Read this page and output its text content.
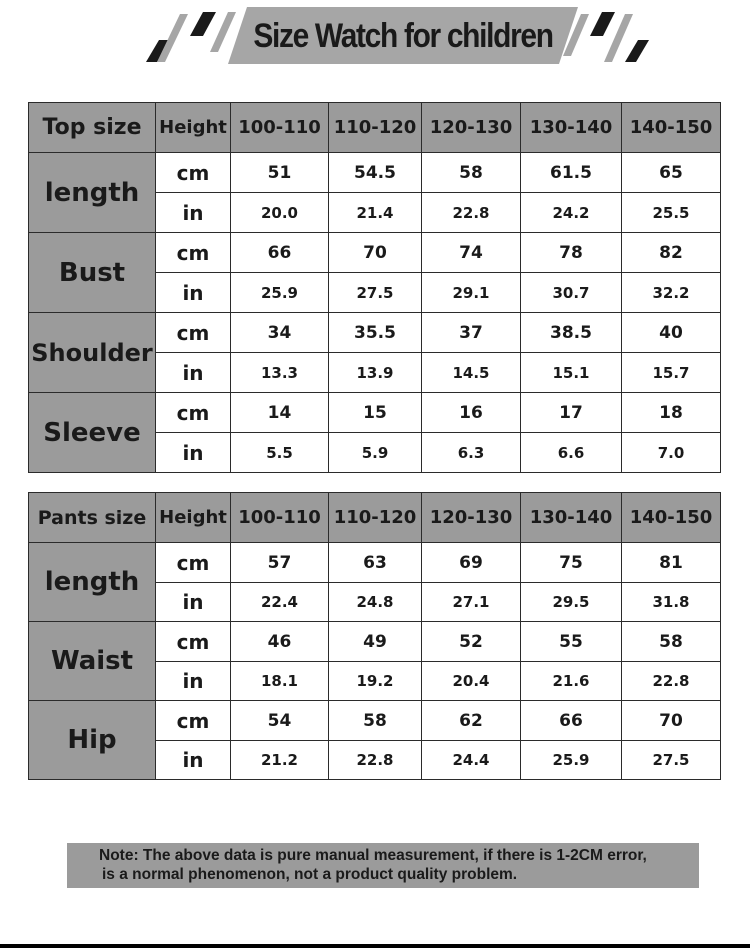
Size Watch for children
Top size	Height	100-110	110-120	120-130	130-140	140-150
length	cm	51	54.5	58	61.5	65
	in	20.0	21.4	22.8	24.2	25.5
Bust	cm	66	70	74	78	82
	in	25.9	27.5	29.1	30.7	32.2
Shoulder	cm	34	35.5	37	38.5	40
	in	13.3	13.9	14.5	15.1	15.7
Sleeve	cm	14	15	16	17	18
	in	5.5	5.9	6.3	6.6	7.0
Pants size	Height	100-110	110-120	120-130	130-140	140-150
length	cm	57	63	69	75	81
	in	22.4	24.8	27.1	29.5	31.8
Waist	cm	46	49	52	55	58
	in	18.1	19.2	20.4	21.6	22.8
Hip	cm	54	58	62	66	70
	in	21.2	22.8	24.4	25.9	27.5
Note: The above data is pure manual measurement, if there is 1-2CM error,
is a normal phenomenon, not a product quality problem.
